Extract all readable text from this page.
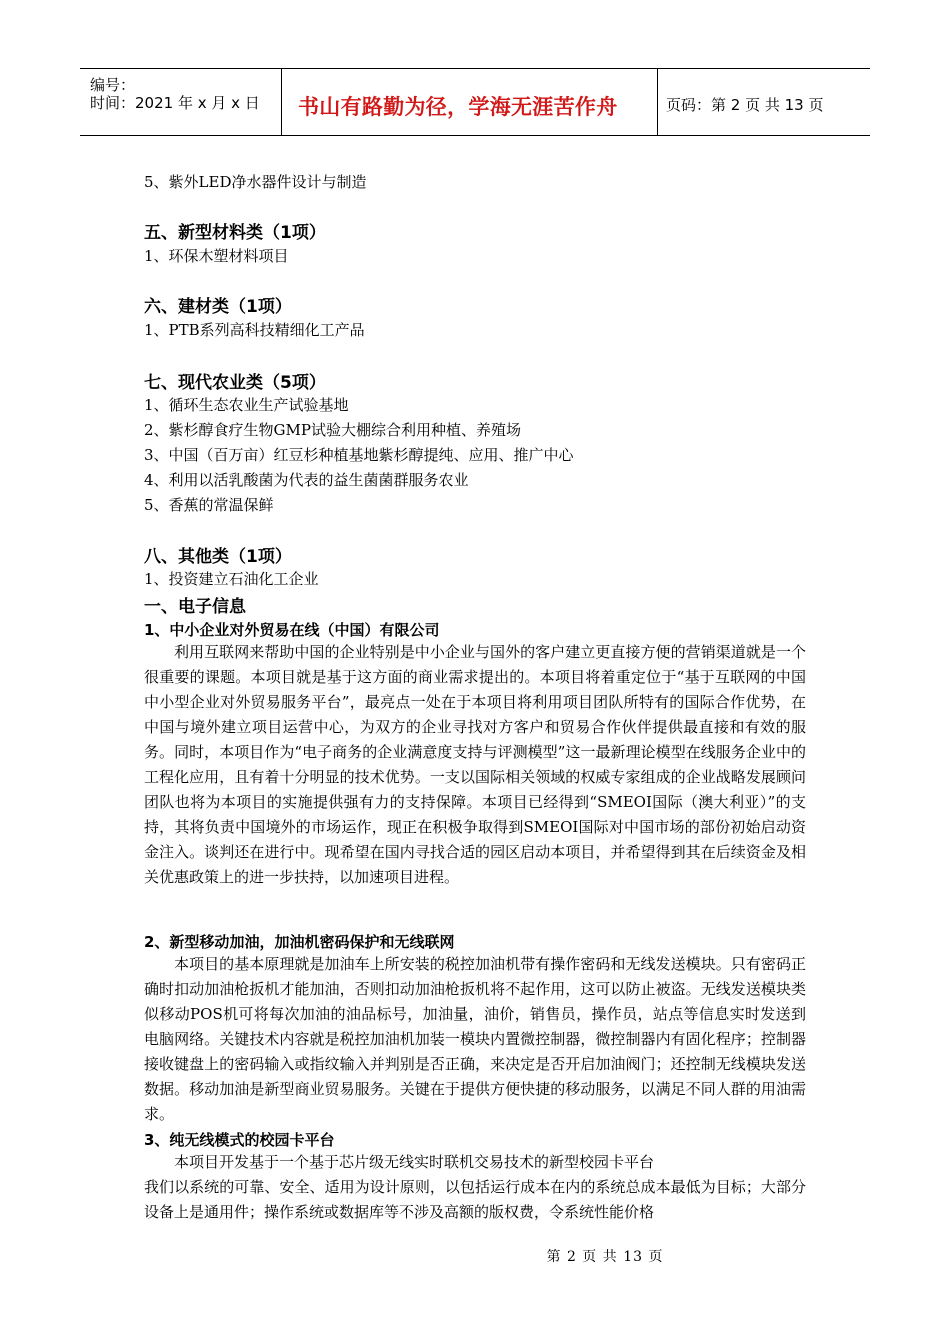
编号：
时间：2021 年 x 月 x 日 书山有路勤为径，学海无涯苦作舟	页码：第 2 页 共 13 页
5、紫外LED净水器件设计与制造
五、新型材料类（1项）
1、环保木塑材料项目
六、建材类（1项）
1、PTB系列高科技精细化工产品
七、现代农业类（5项）
1、循环生态农业生产试验基地
2、紫杉醇食疗生物GMP试验大棚综合利用种植、养殖场
3、中国（百万亩）红豆杉种植基地紫杉醇提纯、应用、推广中心
4、利用以活乳酸菌为代表的益生菌菌群服务农业
5、香蕉的常温保鲜
八、其他类（1项）
1、投资建立石油化工企业
一、电子信息
1、中小企业对外贸易在线（中国）有限公司
利用互联网来帮助中国的企业特别是中小企业与国外的客户建立更直接方便的营销渠道就是一个很重要的课题。本项目就是基于这方面的商业需求提出的。本项目将着重定位于“基于互联网的中国中小型企业对外贸易服务平台”，最亮点一处在于本项目将利用项目团队所特有的国际合作优势，在中国与境外建立项目运营中心，为双方的企业寻找对方客户和贸易合作伙伴提供最直接和有效的服务。同时，本项目作为“电子商务的企业满意度支持与评测模型”这一最新理论模型在线服务企业中的工程化应用，且有着十分明显的技术优势。一支以国际相关领域的权威专家组成的企业战略发展顾问团队也将为本项目的实施提供强有力的支持保障。本项目已经得到“SMEOI国际（澳大利亚）”的支持，其将负责中国境外的市场运作，现正在积极争取得到SMEOI国际对中国市场的部份初始启动资金注入。谈判还在进行中。现希望在国内寻找合适的园区启动本项目，并希望得到其在后续资金及相关优惠政策上的进一步扶持，以加速项目进程。
2、新型移动加油，加油机密码保护和无线联网
本项目的基本原理就是加油车上所安装的税控加油机带有操作密码和无线发送模块。只有密码正确时扣动加油枪扳机才能加油，否则扣动加油枪扳机将不起作用，这可以防止被盗。无线发送模块类似移动POS机可将每次加油的油品标号，加油量，油价，销售员，操作员，站点等信息实时发送到电脑网络。关键技术内容就是税控加油机加装一模块内置微控制器，微控制器内有固化程序；控制器接收键盘上的密码输入或指纹输入并判别是否正确，来决定是否开启加油阀门；还控制无线模块发送数据。移动加油是新型商业贸易服务。关键在于提供方便快捷的移动服务，以满足不同人群的用油需求。
3、纯无线模式的校园卡平台
本项目开发基于一个基于芯片级无线实时联机交易技术的新型校园卡平台
我们以系统的可靠、安全、适用为设计原则，以包括运行成本在内的系统总成本最低为目标；大部分设备上是通用件；操作系统或数据库等不涉及高额的版权费，令系统性能价格
第 2 页 共 13 页
